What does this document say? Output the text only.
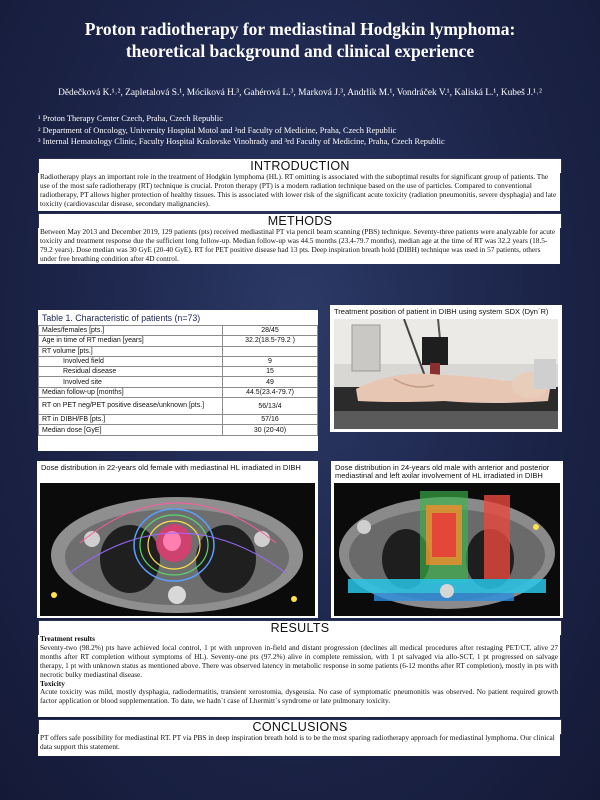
Proton radiotherapy for mediastinal Hodgkin lymphoma:
theoretical background and clinical experience
Dědečková K.¹˒², Zapletalová S.¹, Móciková H.³, Gahérová L.³, Marková J.³, Andrlík M.¹, Vondráček V.¹, Kaliská L.¹, Kubeš J.¹˒²
¹ Proton Therapy Center Czech, Praha, Czech Republic
² Department of Oncology, University Hospital Motol and ²nd Faculty of Medicine, Praha, Czech Republic
³ Internal Hematology Clinic, Faculty Hospital Kralovske Vinohrady and ³rd Faculty of Medicine, Praha, Czech Republic
INTRODUCTION

Radiotherapy plays an important role in the treatment of Hodgkin lymphoma (HL). RT omitting is associated with the suboptimal results for significant group of patients. The use of the most safe radiotherapy (RT) technique is crucial. Proton therapy (PT) is a modern radiation technique based on the use of particles. Compared to conventional radiotherapy, PT allows higher protection of healthy tissues. This is associated with lower risk of the significant acute toxicity (radiation pneumonitis, severe dysphagia) and late toxicity (cardiovascular disease, secondary malignancies).

METHODS

Between May 2013 and December 2019, 129 patients (pts) received mediastinal PT via pencil beam scanning (PBS) technique. Seventy-three patients were analyzable for acute toxicity and treatment response due the sufficient long follow-up. Median follow-up was 44.5 months (23.4-79.7 months), median age at the time of RT was 32.2 years (18.5-79.2 years). Dose median was 30 GyE (20-40 GyE). RT for PET positive disease had 13 pts. Deep inspiration breath hold (DIBH) technique was used in 57 patients, others under free breathing condition after 4D control.

Table 1. Characteristic of patients (n=73)
Males/females [pts.]	28/45
Age in time of RT median [years]	32.2(18.5-79.2 )
RT volume [pts.]	
Involved field	9
Residual disease	15
Involved site	49
Median follow-up [months]	44.5(23.4-79.7)
RT on PET neg/PET positive disease/unknown [pts.]	56/13/4
RT in DIBH/FB [pts.]	57/16
Median dose [GyE]	30 (20-40)
Treatment position of patient in DIBH using system SDX (Dyn´R)
Dose distribution in 22-years old female with mediastinal HL irradiated in DIBH	Dose distribution in 24-years old male with anterior and posterior mediastinal and left axilar involvement of HL irradiated in DIBH
RESULTS

Treatment results

Seventy-two (98.2%) pts have achieved local control, 1 pt with unproven in-field and distant progression (declines all medical procedures after restaging PET/CT, alive 27 months after RT completion without symptoms of HL). Seventy-one pts (97.2%) alive in complete remission, with 1 pt salvaged via allo-SCT, 1 pt progressed on salvage therapy, 1 pt with unknown status as mentioned above. There was observed latency in metabolic response in some patients (6-12 months after RT completion), mostly in pts with necrotic bulky mediastinal disease.

Toxicity

Acute toxicity was mild, mostly dysphagia, radiodermatitis, transient xerostomia, dysgeusia. No case of symptomatic pneumonitis was observed. No patient required growth factor application or blood supplementation. To date, we hadn´t case of Lhermitt´s syndrome or late pulmonary toxicity.

CONCLUSIONS

PT offers safe possibility for mediastinal RT. PT via PBS in deep inspiration breath hold is to be the most sparing radiotherapy approach for mediastinal lymphoma. Our clinical data support this statement.
